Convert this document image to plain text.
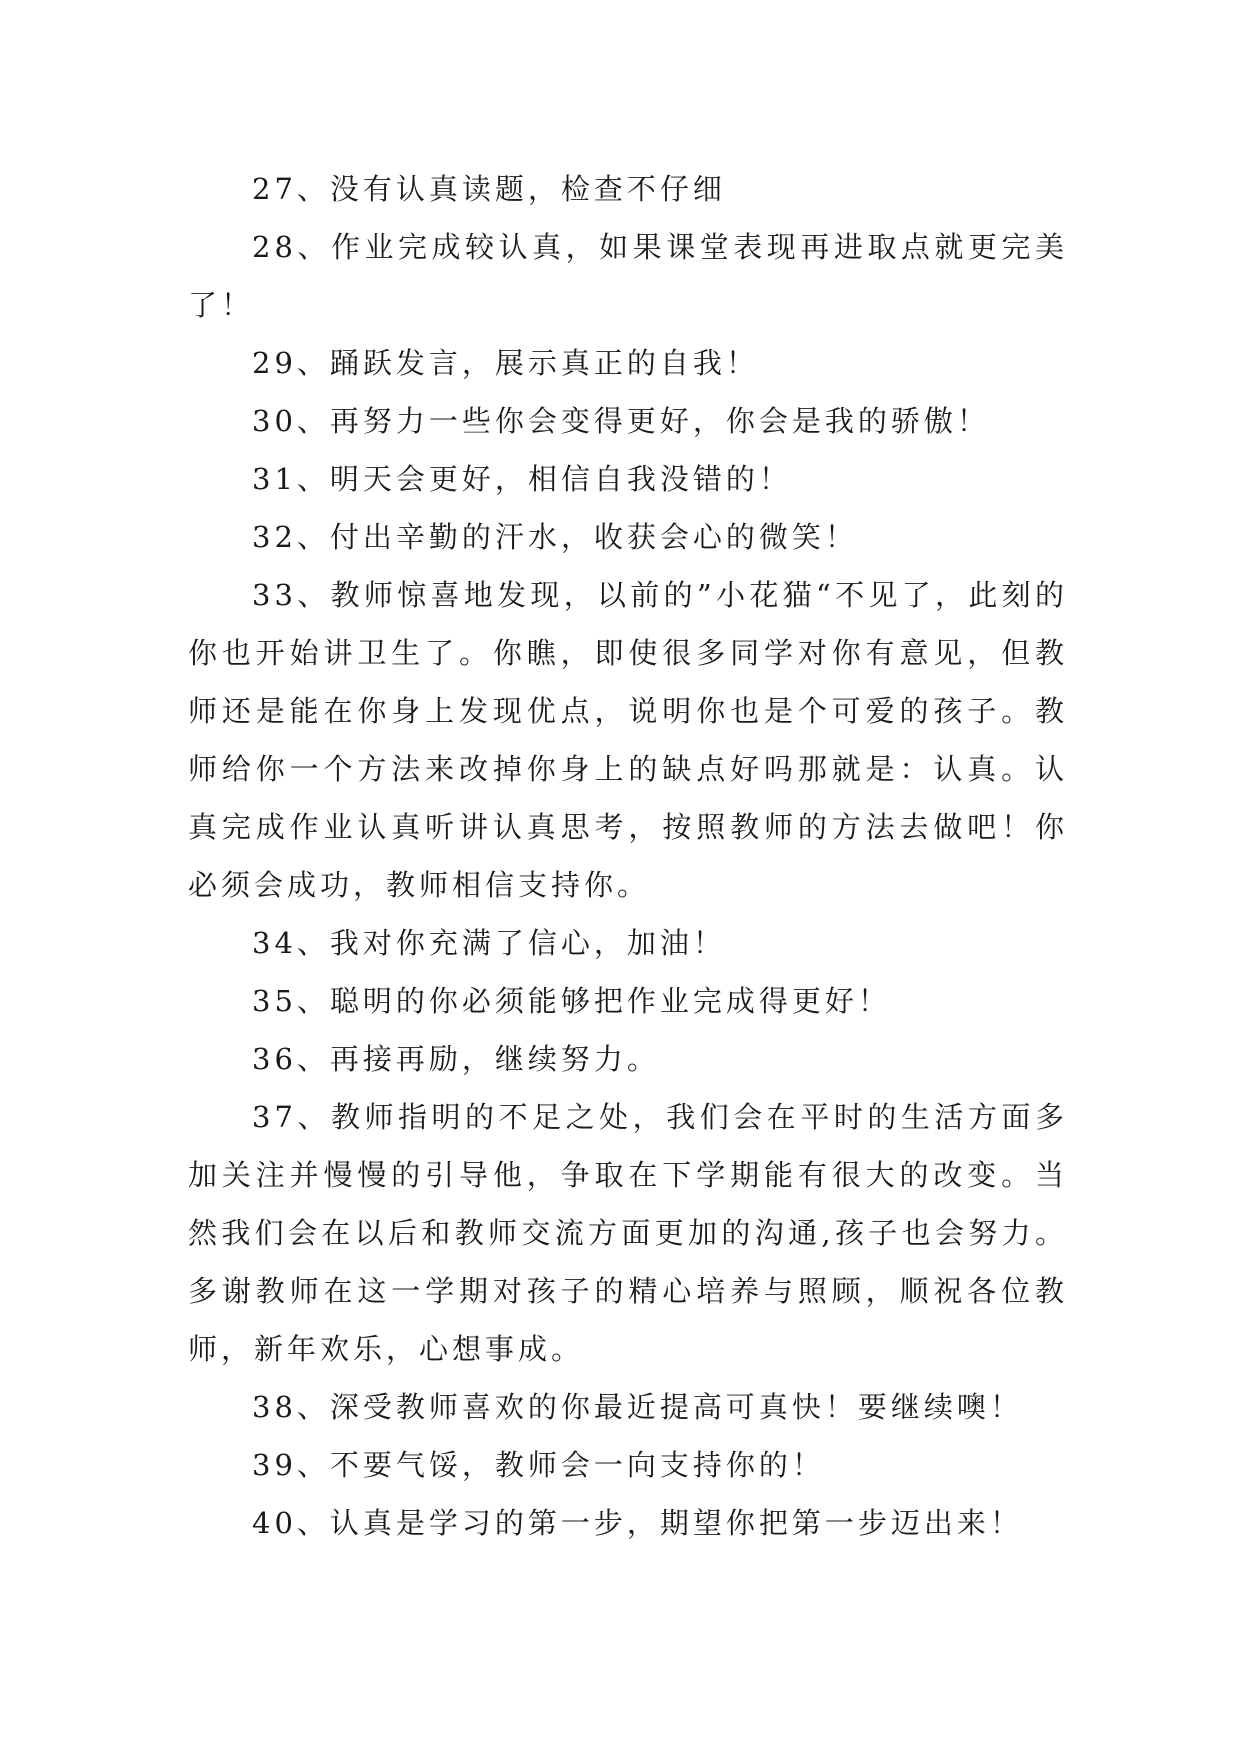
27、没有认真读题，检查不仔细

28、作业完成较认真，如果课堂表现再进取点就更完美了！

29、踊跃发言，展示真正的自我！

30、再努力一些你会变得更好，你会是我的骄傲！

31、明天会更好，相信自我没错的！

32、付出辛勤的汗水，收获会心的微笑！

33、教师惊喜地发现，以前的”小花猫“不见了，此刻的你也开始讲卫生了。你瞧，即使很多同学对你有意见，但教师还是能在你身上发现优点，说明你也是个可爱的孩子。教师给你一个方法来改掉你身上的缺点好吗那就是：认真。认真完成作业认真听讲认真思考，按照教师的方法去做吧！你必须会成功，教师相信支持你。

34、我对你充满了信心，加油！

35、聪明的你必须能够把作业完成得更好！

36、再接再励，继续努力。

37、教师指明的不足之处，我们会在平时的生活方面多加关注并慢慢的引导他，争取在下学期能有很大的改变。当然我们会在以后和教师交流方面更加的沟通,孩子也会努力。多谢教师在这一学期对孩子的精心培养与照顾，顺祝各位教师，新年欢乐，心想事成。

38、深受教师喜欢的你最近提高可真快！要继续噢！

39、不要气馁，教师会一向支持你的！

40、认真是学习的第一步，期望你把第一步迈出来！
